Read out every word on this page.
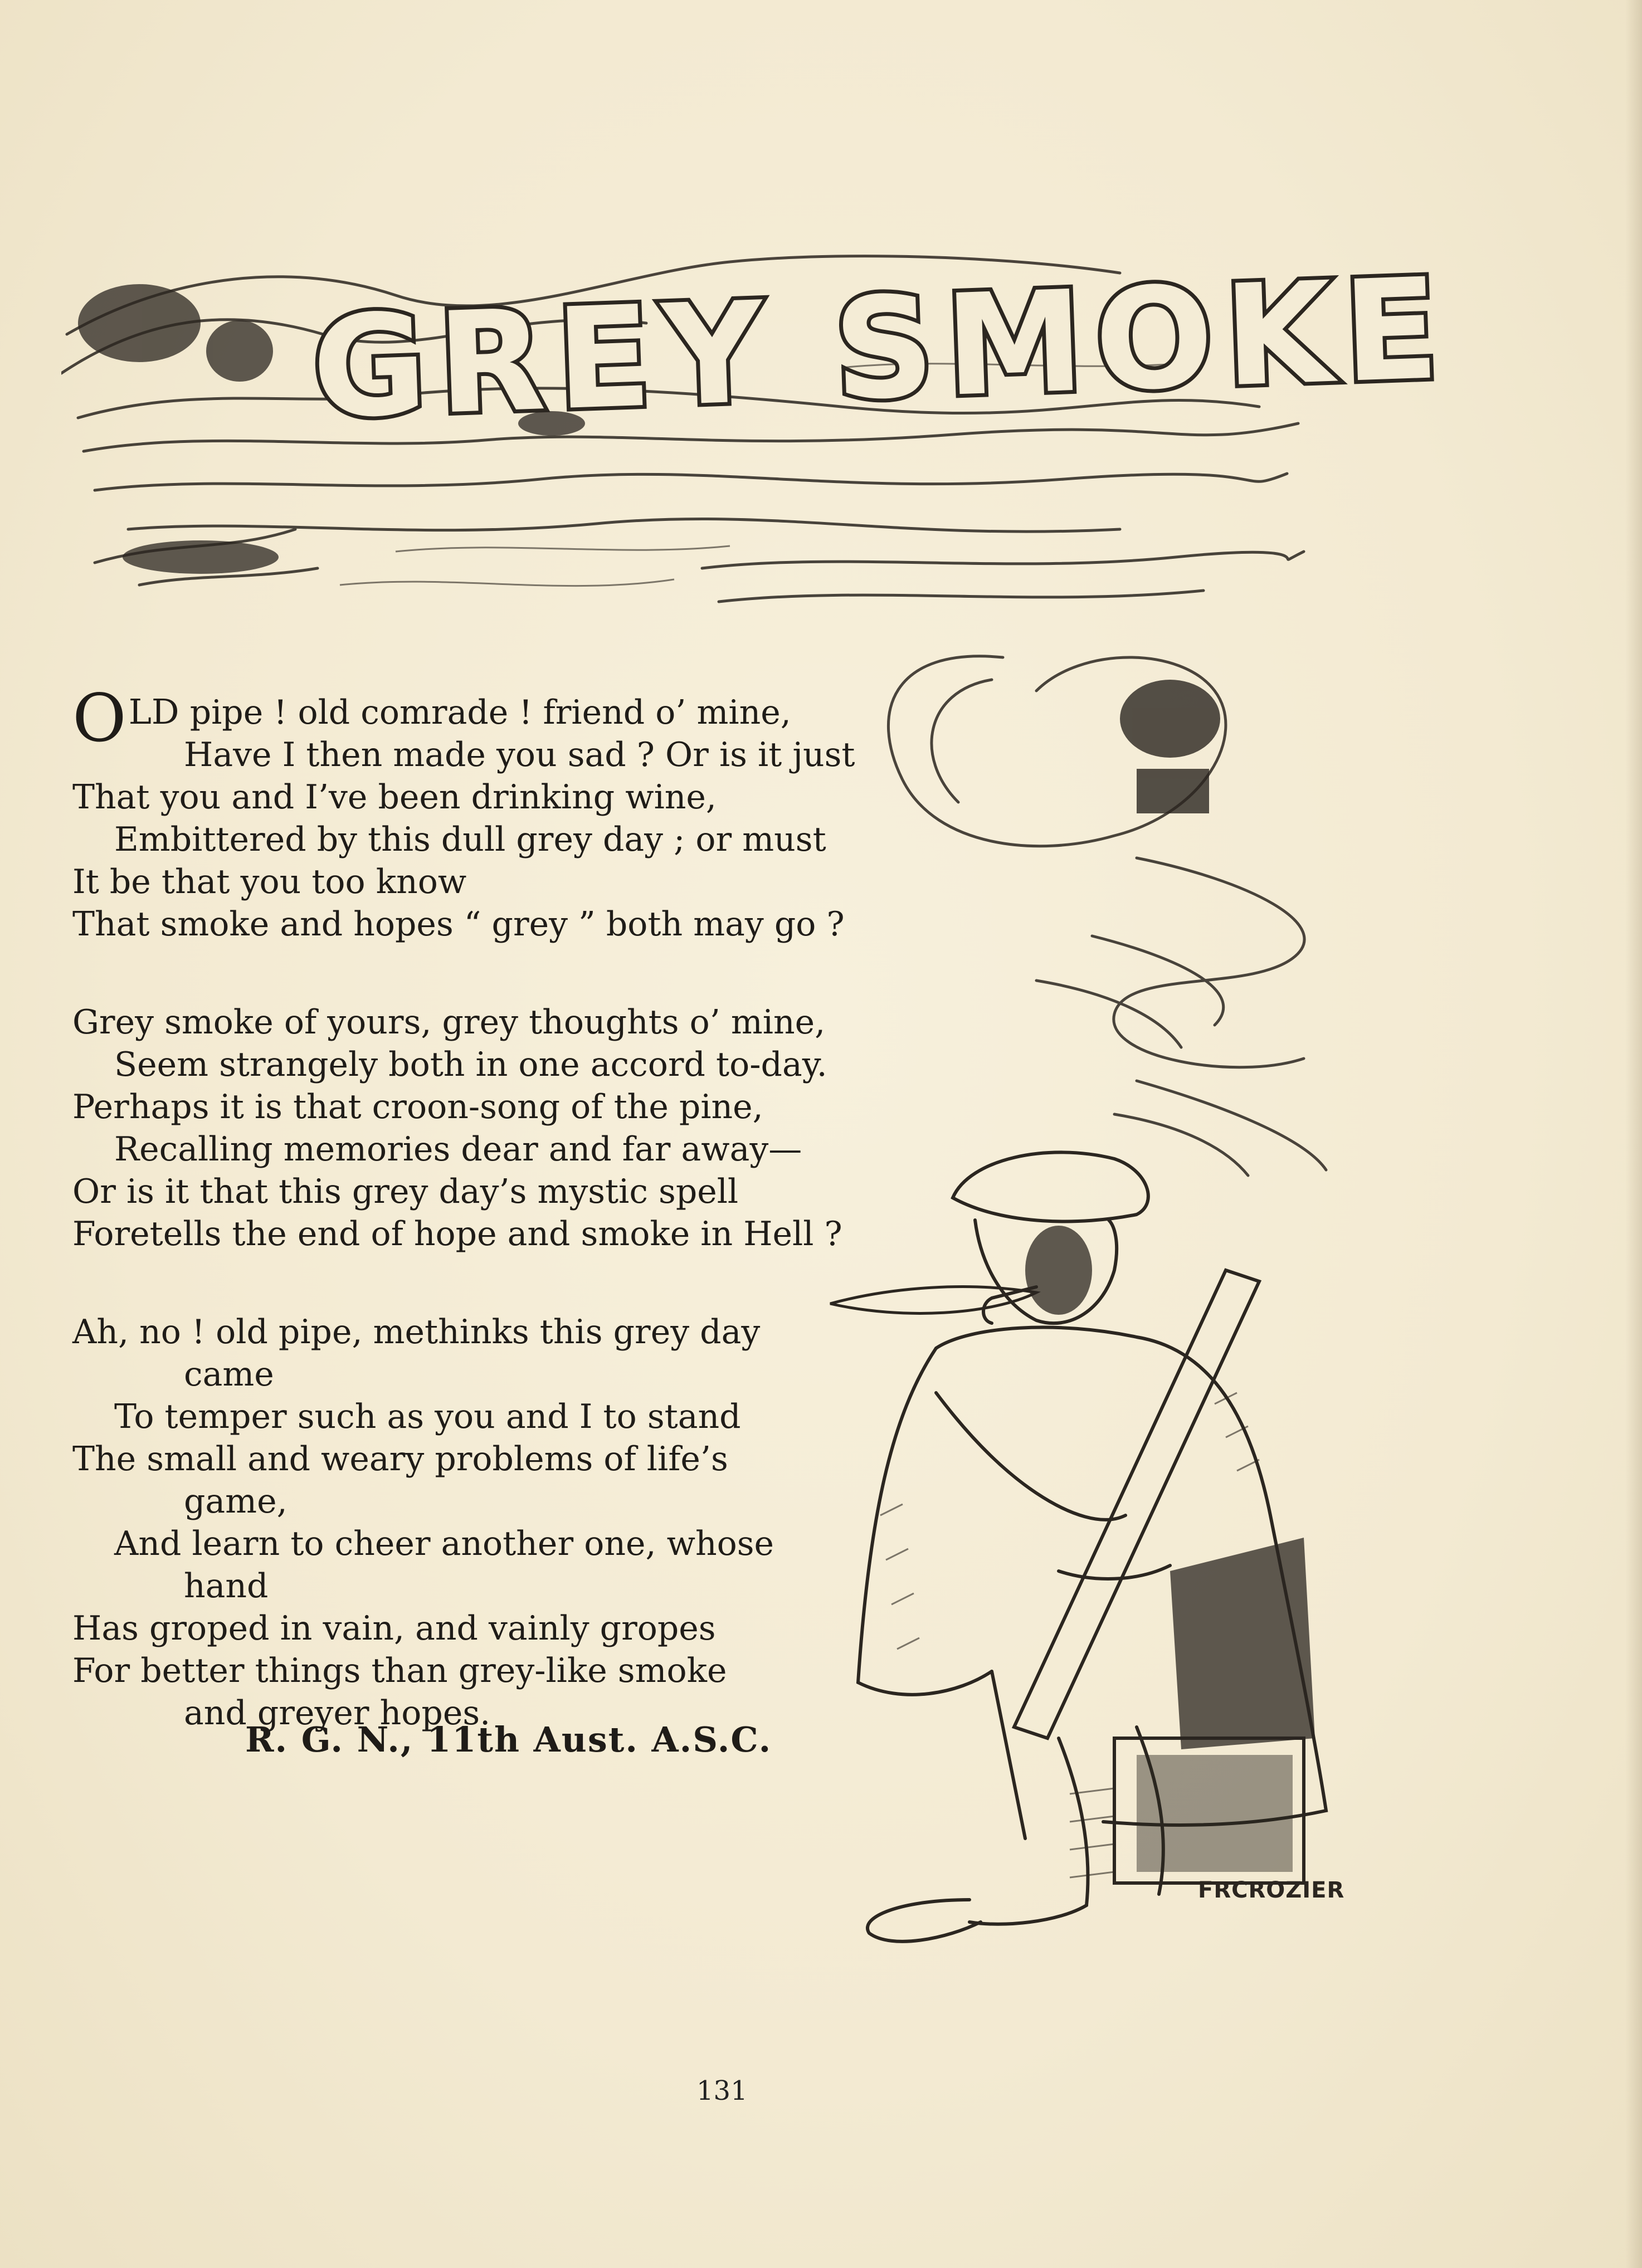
GREY SMOKE
OLD pipe ! old comrade ! friend o’ mine,
Have I then made you sad ? Or is it just
That you and I’ve been drinking wine,
Embittered by this dull grey day ; or must
It be that you too know
That smoke and hopes “ grey ” both may go ?
Grey smoke of yours, grey thoughts o’ mine,
Seem strangely both in one accord to-day.
Perhaps it is that croon-song of the pine,
Recalling memories dear and far away—
Or is it that this grey day’s mystic spell
Foretells the end of hope and smoke in Hell ?
Ah, no ! old pipe, methinks this grey day
came
To temper such as you and I to stand
The small and weary problems of life’s
game,
And learn to cheer another one, whose
hand
Has groped in vain, and vainly gropes
For better things than grey-like smoke
and greyer hopes.
R. G. N., 11th Aust. A.S.C.
FRCROZIER
131
